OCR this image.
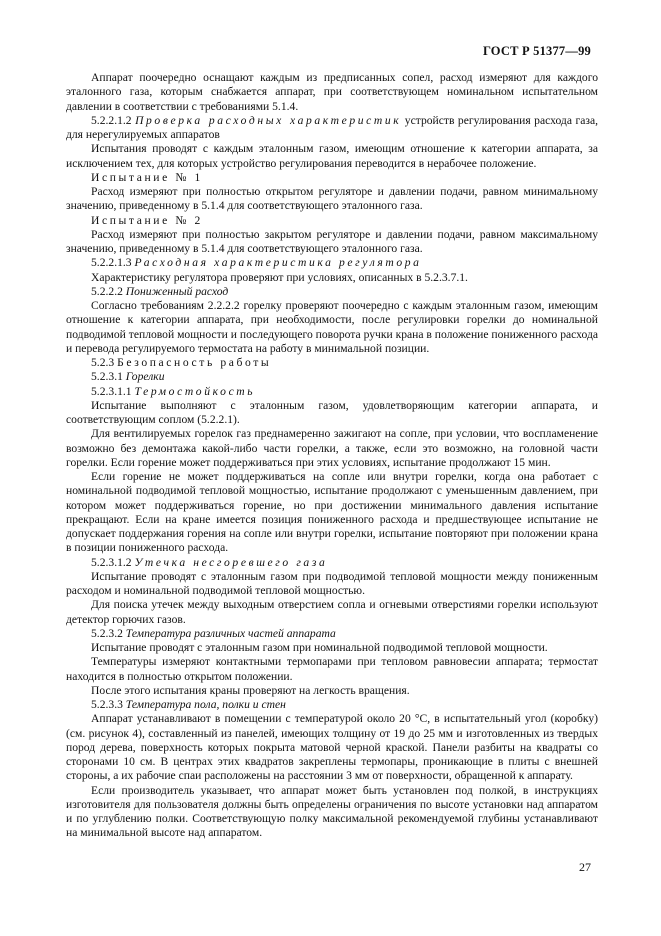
ГОСТ Р 51377—99

Аппарат поочередно оснащают каждым из предписанных сопел, расход измеряют для каждого эталонного газа, которым снабжается аппарат, при соответствующем номинальном испытательном давлении в соответствии с требованиями 5.1.4.

5.2.2.1.2 Проверка расходных характеристик устройств регулирования расхода газа, для нерегулируемых аппаратов

Испытания проводят с каждым эталонным газом, имеющим отношение к категории аппарата, за исключением тех, для которых устройство регулирования переводится в нерабочее положение.

Испытание № 1

Расход измеряют при полностью открытом регуляторе и давлении подачи, равном минимальному значению, приведенному в 5.1.4 для соответствующего эталонного газа.

Испытание № 2

Расход измеряют при полностью закрытом регуляторе и давлении подачи, равном максимальному значению, приведенному в 5.1.4 для соответствующего эталонного газа.

5.2.2.1.3 Расходная характеристика регулятора

Характеристику регулятора проверяют при условиях, описанных в 5.2.3.7.1.

5.2.2.2 Пониженный расход

Согласно требованиям 2.2.2.2 горелку проверяют поочередно с каждым эталонным газом, имеющим отношение к категории аппарата, при необходимости, после регулировки горелки до номинальной подводимой тепловой мощности и последующего поворота ручки крана в положение пониженного расхода и перевода регулируемого термостата на работу в минимальной позиции.

5.2.3 Безопасность работы

5.2.3.1 Горелки

5.2.3.1.1 Термостойкость

Испытание выполняют с эталонным газом, удовлетворяющим категории аппарата, и соответствующим соплом (5.2.2.1).

Для вентилируемых горелок газ преднамеренно зажигают на сопле, при условии, что воспламенение возможно без демонтажа какой-либо части горелки, а также, если это возможно, на головной части горелки. Если горение может поддерживаться при этих условиях, испытание продолжают 15 мин.

Если горение не может поддерживаться на сопле или внутри горелки, когда она работает с номинальной подводимой тепловой мощностью, испытание продолжают с уменьшенным давлением, при котором может поддерживаться горение, но при достижении минимального давления испытание прекращают. Если на кране имеется позиция пониженного расхода и предшествующее испытание не допускает поддержания горения на сопле или внутри горелки, испытание повторяют при положении крана в позиции пониженного расхода.

5.2.3.1.2 Утечка несгоревшего газа

Испытание проводят с эталонным газом при подводимой тепловой мощности между пониженным расходом и номинальной подводимой тепловой мощностью.

Для поиска утечек между выходным отверстием сопла и огневыми отверстиями горелки используют детектор горючих газов.

5.2.3.2 Температура различных частей аппарата

Испытание проводят с эталонным газом при номинальной подводимой тепловой мощности.

Температуры измеряют контактными термопарами при тепловом равновесии аппарата; термостат находится в полностью открытом положении.

После этого испытания краны проверяют на легкость вращения.

5.2.3.3 Температура пола, полки и стен

Аппарат устанавливают в помещении с температурой около 20 °С, в испытательный угол (коробку) (см. рисунок 4), составленный из панелей, имеющих толщину от 19 до 25 мм и изготовленных из твердых пород дерева, поверхность которых покрыта матовой черной краской. Панели разбиты на квадраты со сторонами 10 см. В центрах этих квадратов закреплены термопары, проникающие в плиты с внешней стороны, а их рабочие спаи расположены на расстоянии 3 мм от поверхности, обращенной к аппарату.

Если производитель указывает, что аппарат может быть установлен под полкой, в инструкциях изготовителя для пользователя должны быть определены ограничения по высоте установки над аппаратом и по углублению полки. Соответствующую полку максимальной рекомендуемой глубины устанавливают на минимальной высоте над аппаратом.

27
